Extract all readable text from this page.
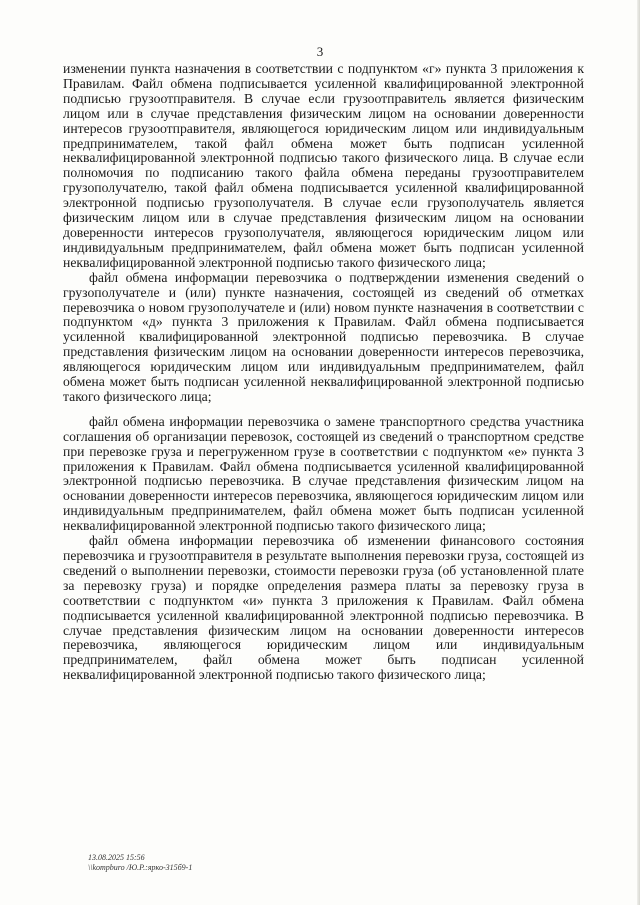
3

изменении пункта назначения в соответствии с подпунктом «г» пункта 3 приложения к Правилам. Файл обмена подписывается усиленной квалифицированной электронной подписью грузоотправителя. В случае если грузоотправитель является физическим лицом или в случае представления физическим лицом на основании доверенности интересов грузоотправителя, являющегося юридическим лицом или индивидуальным предпринимателем, такой файл обмена может быть подписан усиленной неквалифицированной электронной подписью такого физического лица. В случае если полномочия по подписанию такого файла обмена переданы грузоотправителем грузополучателю, такой файл обмена подписывается усиленной квалифицированной электронной подписью грузополучателя. В случае если грузополучатель является физическим лицом или в случае представления физическим лицом на основании доверенности интересов грузополучателя, являющегося юридическим лицом или индивидуальным предпринимателем, файл обмена может быть подписан усиленной неквалифицированной электронной подписью такого физического лица;

файл обмена информации перевозчика о подтверждении изменения сведений о грузополучателе и (или) пункте назначения, состоящей из сведений об отметках перевозчика о новом грузополучателе и (или) новом пункте назначения в соответствии с подпунктом «д» пункта 3 приложения к Правилам. Файл обмена подписывается усиленной квалифицированной электронной подписью перевозчика. В случае представления физическим лицом на основании доверенности интересов перевозчика, являющегося юридическим лицом или индивидуальным предпринимателем, файл обмена может быть подписан усиленной неквалифицированной электронной подписью такого физического лица;

файл обмена информации перевозчика о замене транспортного средства участника соглашения об организации перевозок, состоящей из сведений о транспортном средстве при перевозке груза и перегруженном грузе в соответствии с подпунктом «е» пункта 3 приложения к Правилам. Файл обмена подписывается усиленной квалифицированной электронной подписью перевозчика. В случае представления физическим лицом на основании доверенности интересов перевозчика, являющегося юридическим лицом или индивидуальным предпринимателем, файл обмена может быть подписан усиленной неквалифицированной электронной подписью такого физического лица;

файл обмена информации перевозчика об изменении финансового состояния перевозчика и грузоотправителя в результате выполнения перевозки груза, состоящей из сведений о выполнении перевозки, стоимости перевозки груза (об установленной плате за перевозку груза) и порядке определения размера платы за перевозку груза в соответствии с подпунктом «и» пункта 3 приложения к Правилам. Файл обмена подписывается усиленной квалифицированной электронной подписью перевозчика. В случае представления физическим лицом на основании доверенности интересов перевозчика, являющегося юридическим лицом или индивидуальным предпринимателем, файл обмена может быть подписан усиленной неквалифицированной электронной подписью такого физического лица;

13.08.2025 15:56
\\kompburo /Ю.Р.:ярко-315б9-1
